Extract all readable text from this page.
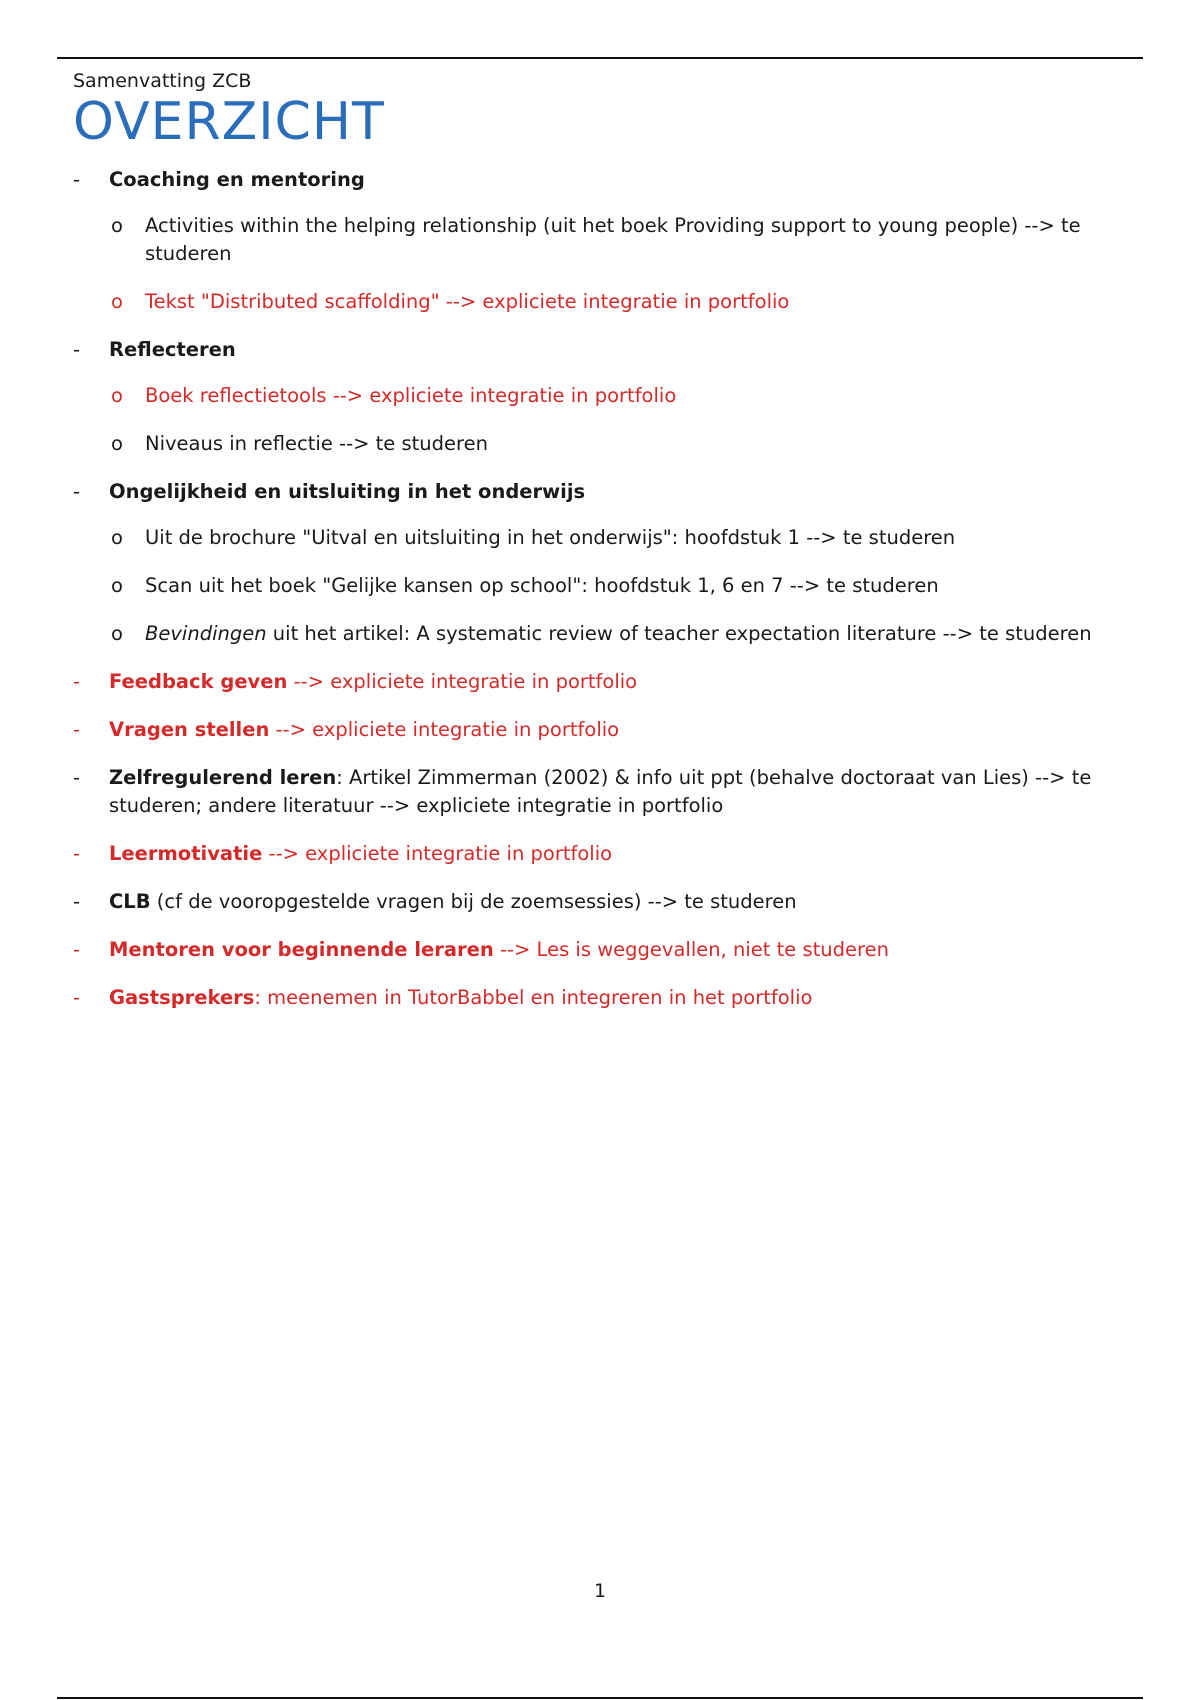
Samenvatting ZCB
OVERZICHT
-	Coaching en mentoring
o Activities within the helping relationship (uit het boek Providing support to young people) --> te studeren
o Tekst "Distributed scaffolding" --> expliciete integratie in portfolio
-	Reflecteren
o Boek reflectietools --> expliciete integratie in portfolio
o Niveaus in reflectie --> te studeren
-	Ongelijkheid en uitsluiting in het onderwijs
o Uit de brochure "Uitval en uitsluiting in het onderwijs": hoofdstuk 1 --> te studeren
o Scan uit het boek "Gelijke kansen op school": hoofdstuk 1, 6 en 7 --> te studeren
o Bevindingen uit het artikel: A systematic review of teacher expectation literature --> te studeren
-	Feedback geven --> expliciete integratie in portfolio
-	Vragen stellen --> expliciete integratie in portfolio
-	Zelfregulerend leren: Artikel Zimmerman (2002) & info uit ppt (behalve doctoraat van Lies) --> te studeren; andere literatuur --> expliciete integratie in portfolio
-	Leermotivatie --> expliciete integratie in portfolio
-	CLB (cf de vooropgestelde vragen bij de zoemsessies) --> te studeren
-	Mentoren voor beginnende leraren --> Les is weggevallen, niet te studeren
-	Gastsprekers: meenemen in TutorBabbel en integreren in het portfolio
1
